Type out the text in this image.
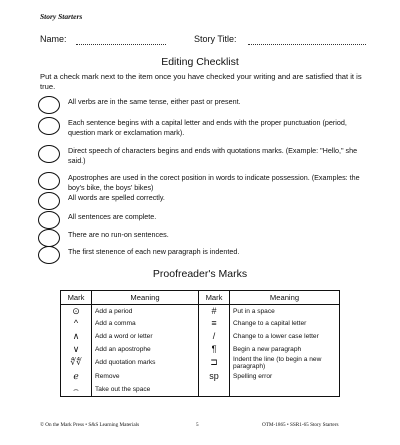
Story Starters
Name:	Story Title:
Editing Checklist
Put a check mark next to the item once you have checked your writing and are satisfied that it is true.
All verbs are in the same tense, either past or present.
Each sentence begins with a capital letter and ends with the proper punctuation (period, question mark or exclamation mark).
Direct speech of characters begins and ends with quotations marks. (Example: "Hello," she said.)
Apostrophes are used in the corect position in words to indicate possession. (Examples: the boy's bike, the boys' bikes)
All words are spelled correctly.
All sentences are complete.
There are no run-on sentences.
The first stenence of each new paragraph is indented.
Proofreader's Marks
Mark	Meaning	Mark	Meaning
⊙	Add a period	#	Put in a space
^	Add a comma	≡	Change to a capital letter
∧	Add a word or letter	/	Change to a lower case letter
∨	Add an apostrophe	¶	Begin a new paragraph
∜∜	Add quotation marks	⊐	Indent the line (to begin a new paragraph)
ℯ	Remove	sp	Spelling error
⌢	Take out the space		
© On the Mark Press • S&S Learning Materials	5	OTM-1865 • SSR1-65 Story Starters
